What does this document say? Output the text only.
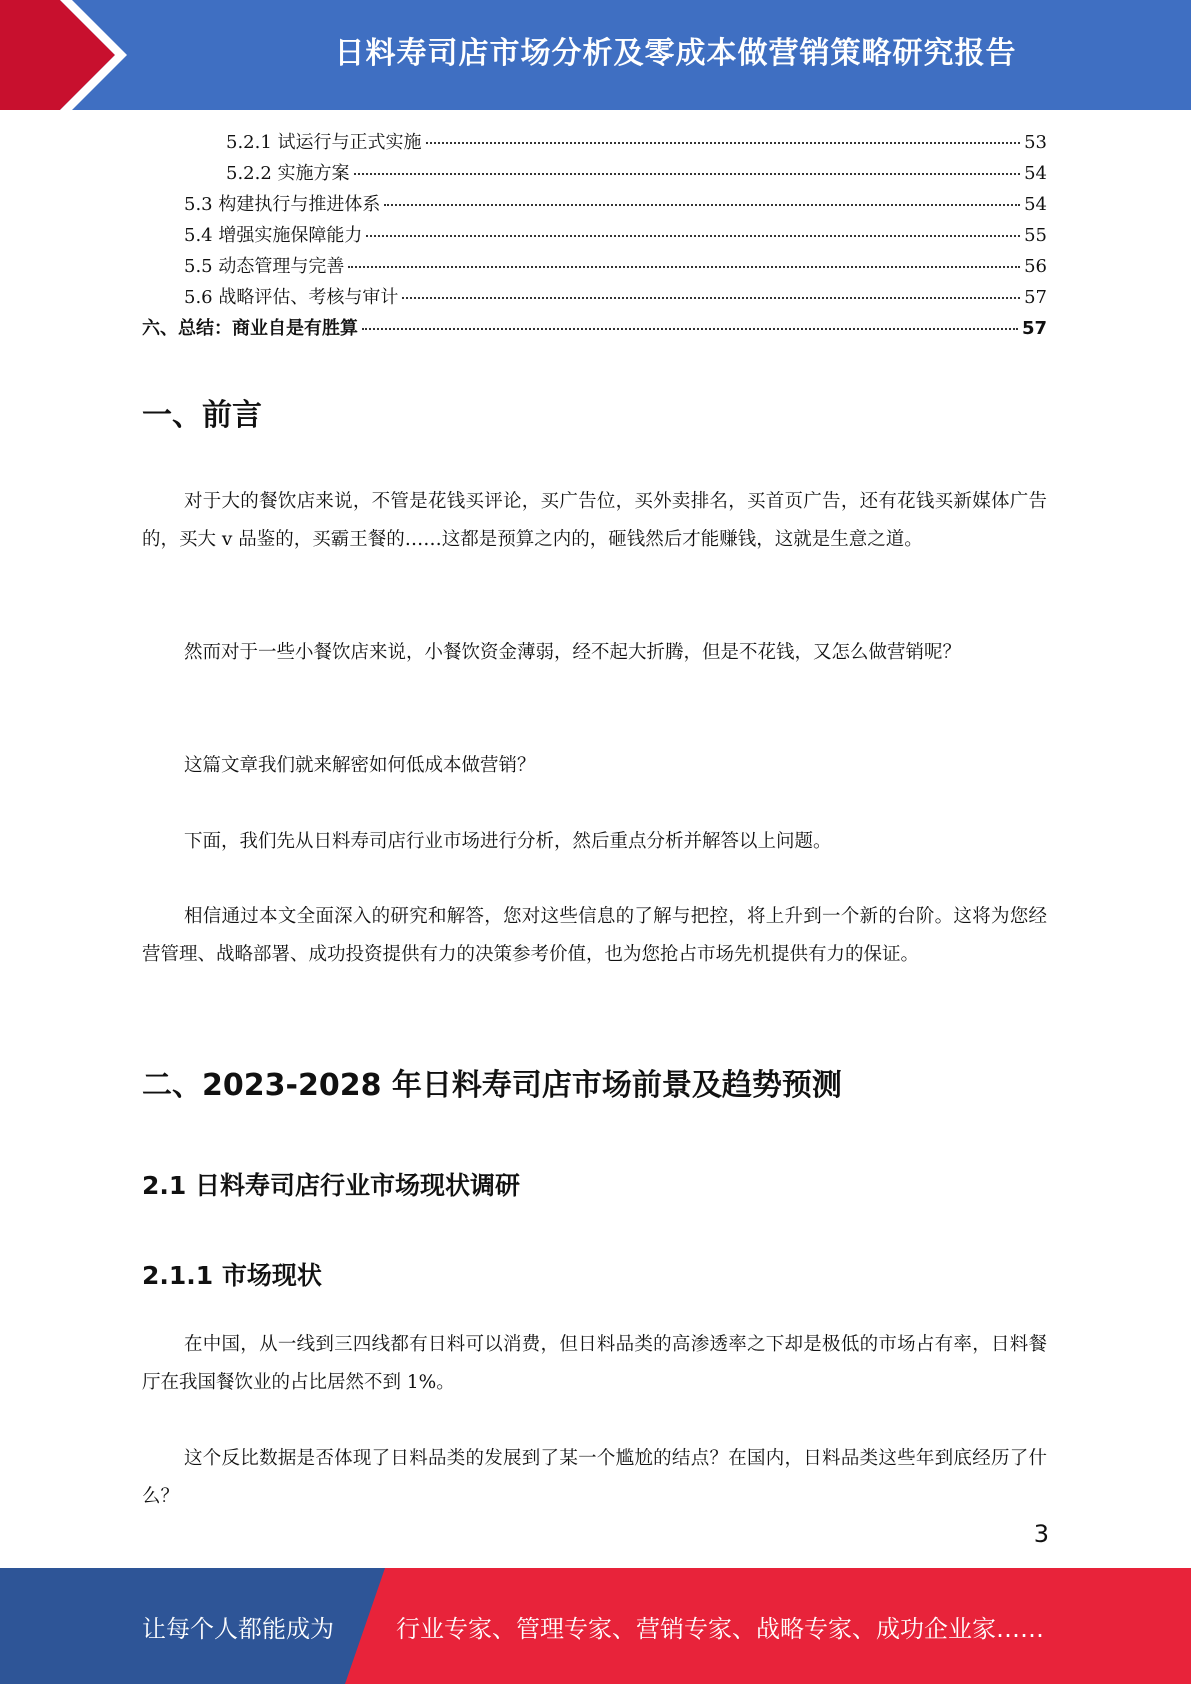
日料寿司店市场分析及零成本做营销策略研究报告
5.2.1 试运行与正式实施	53
5.2.2 实施方案	54
5.3 构建执行与推进体系	54
5.4 增强实施保障能力	55
5.5 动态管理与完善	56
5.6 战略评估、考核与审计	57
六、总结：商业自是有胜算	57
一、前言
对于大的餐饮店来说，不管是花钱买评论，买广告位，买外卖排名，买首页广告，还有花钱买新媒体广告的，买大 v 品鉴的，买霸王餐的……这都是预算之内的，砸钱然后才能赚钱，这就是生意之道。
然而对于一些小餐饮店来说，小餐饮资金薄弱，经不起大折腾，但是不花钱，又怎么做营销呢？
这篇文章我们就来解密如何低成本做营销？
下面，我们先从日料寿司店行业市场进行分析，然后重点分析并解答以上问题。
相信通过本文全面深入的研究和解答，您对这些信息的了解与把控，将上升到一个新的台阶。这将为您经营管理、战略部署、成功投资提供有力的决策参考价值，也为您抢占市场先机提供有力的保证。
二、2023-2028 年日料寿司店市场前景及趋势预测
2.1 日料寿司店行业市场现状调研
2.1.1 市场现状
在中国，从一线到三四线都有日料可以消费，但日料品类的高渗透率之下却是极低的市场占有率，日料餐厅在我国餐饮业的占比居然不到 1%。
这个反比数据是否体现了日料品类的发展到了某一个尴尬的结点？在国内，日料品类这些年到底经历了什么？
3
让每个人都能成为	行业专家、管理专家、营销专家、战略专家、成功企业家……
